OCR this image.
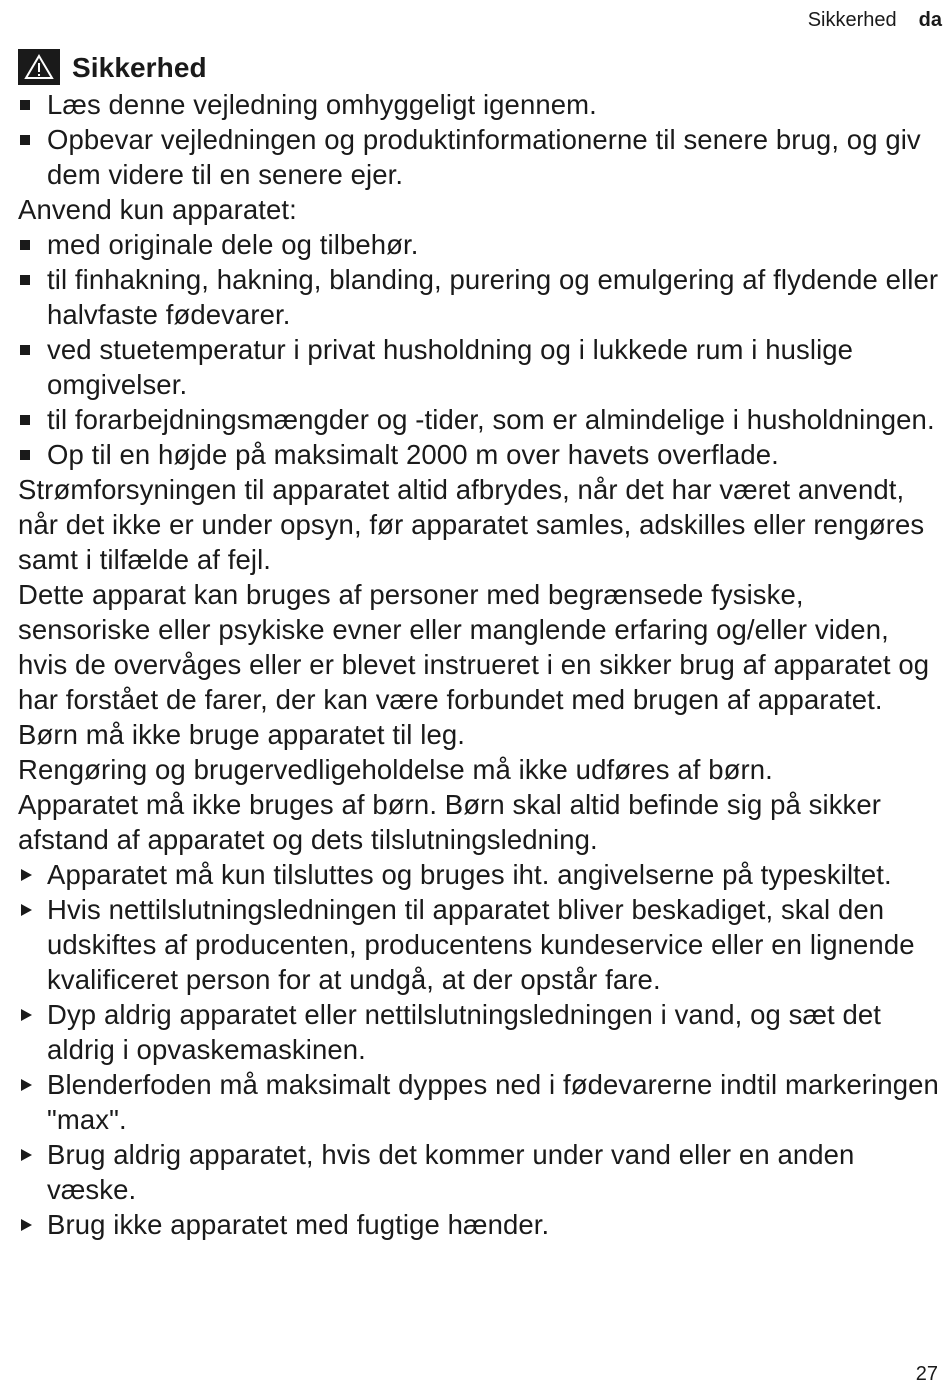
Sikkerhed da
Sikkerhed
Læs denne vejledning omhyggeligt igennem.
Opbevar vejledningen og produktinformationerne til senere brug, og giv dem videre til en senere ejer.
Anvend kun apparatet:
med originale dele og tilbehør.
til finhakning, hakning, blanding, purering og emulgering af flydende eller halvfaste fødevarer.
ved stuetemperatur i privat husholdning og i lukkede rum i huslige omgivelser.
til forarbejdningsmængder og -tider, som er almindelige i husholdningen.
Op til en højde på maksimalt 2000 m over havets overflade.
Strømforsyningen til apparatet altid afbrydes, når det har været anvendt, når det ikke er under opsyn, før apparatet samles, adskilles eller rengøres samt i tilfælde af fejl.
Dette apparat kan bruges af personer med begrænsede fysiske, sensoriske eller psykiske evner eller manglende erfaring og/eller viden, hvis de overvåges eller er blevet instrueret i en sikker brug af apparatet og har forstået de farer, der kan være forbundet med brugen af apparatet.
Børn må ikke bruge apparatet til leg.
Rengøring og brugervedligeholdelse må ikke udføres af børn.
Apparatet må ikke bruges af børn. Børn skal altid befinde sig på sikker afstand af apparatet og dets tilslutningsledning.
Apparatet må kun tilsluttes og bruges iht. angivelserne på typeskiltet.
Hvis nettilslutningsledningen til apparatet bliver beskadiget, skal den udskiftes af producenten, producentens kundeservice eller en lignende kvalificeret person for at undgå, at der opstår fare.
Dyp aldrig apparatet eller nettilslutningsledningen i vand, og sæt det aldrig i opvaskemaskinen.
Blenderfoden må maksimalt dyppes ned i fødevarerne indtil markeringen "max".
Brug aldrig apparatet, hvis det kommer under vand eller en anden væske.
Brug ikke apparatet med fugtige hænder.
27
